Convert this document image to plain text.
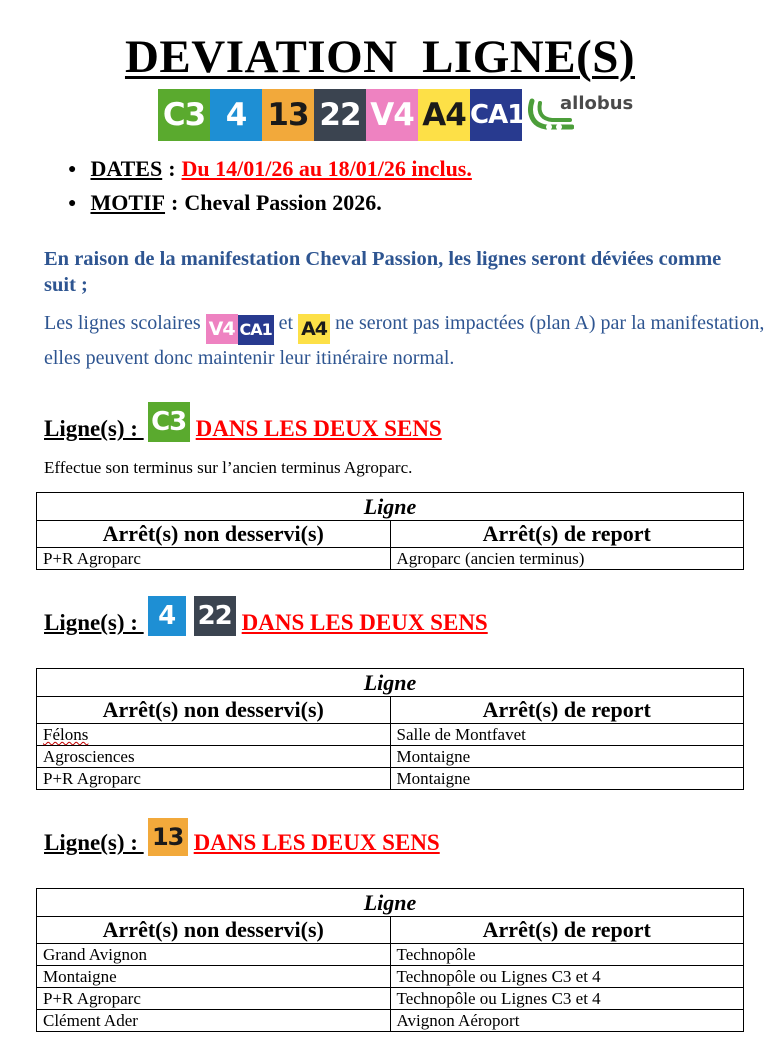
DEVIATION  LIGNE(S)
C3 4 13 22 V4 A4 CA1 allobus
● DATES : Du 14/01/26 au 18/01/26 inclus.
● MOTIF : Cheval Passion 2026.
En raison de la manifestation Cheval Passion, les lignes seront déviées comme suit ;
Les lignes scolaires V4 CA1 et A4 ne seront pas impactées (plan A) par la manifestation, elles peuvent donc maintenir leur itinéraire normal.
Ligne(s) : C3 DANS LES DEUX SENS
Effectue son terminus sur l’ancien terminus Agroparc.
Ligne	
Arrêt(s) non desservi(s)	Arrêt(s) de report
P+R Agroparc	Agroparc (ancien terminus)
Ligne(s) : 4 22 DANS LES DEUX SENS
Ligne	
Arrêt(s) non desservi(s)	Arrêt(s) de report
Félons	Salle de Montfavet
Agrosciences	Montaigne
P+R Agroparc	Montaigne
Ligne(s) : 13 DANS LES DEUX SENS
Ligne	
Arrêt(s) non desservi(s)	Arrêt(s) de report
Grand Avignon	Technopôle
Montaigne	Technopôle ou Lignes C3 et 4
P+R Agroparc	Technopôle ou Lignes C3 et 4
Clément Ader	Avignon Aéroport
